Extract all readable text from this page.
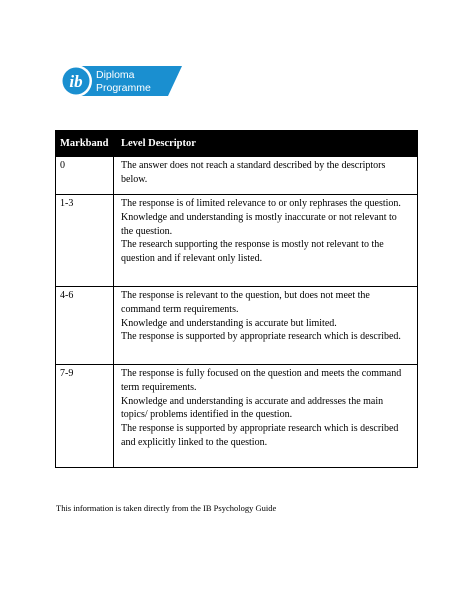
ib Diploma
Programme
Markband	Level Descriptor
0	The answer does not reach a standard described by the descriptors below.
1-3	The response is of limited relevance to or only rephrases the question.
Knowledge and understanding is mostly inaccurate or not relevant to the question.
The research supporting the response is mostly not relevant to the question and if relevant only listed.
4-6	The response is relevant to the question, but does not meet the command term requirements.
Knowledge and understanding is accurate but limited.
The response is supported by appropriate research which is described.
7-9	The response is fully focused on the question and meets the command term requirements.
Knowledge and understanding is accurate and addresses the main topics/ problems identified in the question.
The response is supported by appropriate research which is described and explicitly linked to the question.
This information is taken directly from the IB Psychology Guide
